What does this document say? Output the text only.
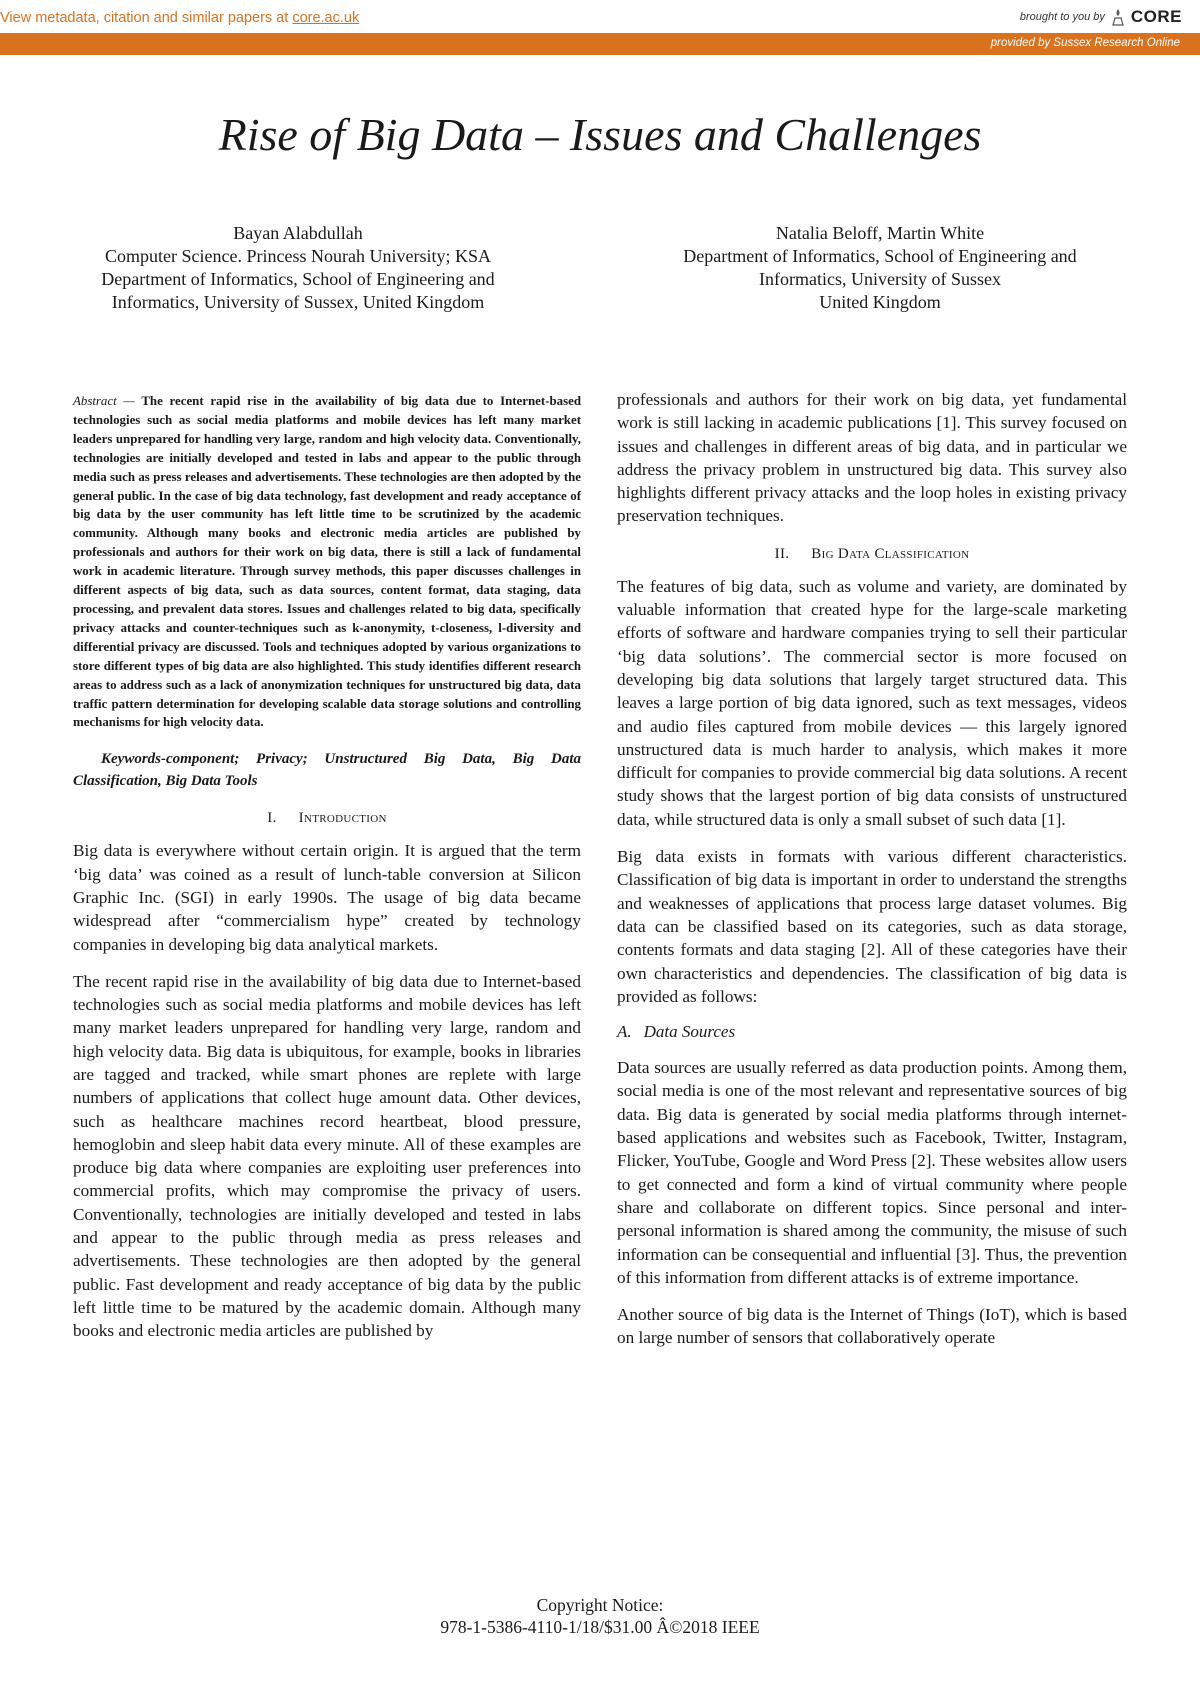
View metadata, citation and similar papers at core.ac.uk	brought to you by CORE
provided by Sussex Research Online
Rise of Big Data – Issues and Challenges
Bayan Alabdullah
Computer Science. Princess Nourah University; KSA
Department of Informatics, School of Engineering and
Informatics, University of Sussex, United Kingdom
Natalia Beloff, Martin White
Department of Informatics, School of Engineering and
Informatics, University of Sussex
United Kingdom

Abstract — The recent rapid rise in the availability of big data due to Internet-based technologies such as social media platforms and mobile devices has left many market leaders unprepared for handling very large, random and high velocity data. Conventionally, technologies are initially developed and tested in labs and appear to the public through media such as press releases and advertisements. These technologies are then adopted by the general public. In the case of big data technology, fast development and ready acceptance of big data by the user community has left little time to be scrutinized by the academic community. Although many books and electronic media articles are published by professionals and authors for their work on big data, there is still a lack of fundamental work in academic literature. Through survey methods, this paper discusses challenges in different aspects of big data, such as data sources, content format, data staging, data processing, and prevalent data stores. Issues and challenges related to big data, specifically privacy attacks and counter-techniques such as k-anonymity, t-closeness, l-diversity and differential privacy are discussed. Tools and techniques adopted by various organizations to store different types of big data are also highlighted. This study identifies different research areas to address such as a lack of anonymization techniques for unstructured big data, data traffic pattern determination for developing scalable data storage solutions and controlling mechanisms for high velocity data.

Keywords-component; Privacy; Unstructured Big Data, Big Data Classification, Big Data Tools

I. Introduction

Big data is everywhere without certain origin. It is argued that the term ‘big data’ was coined as a result of lunch-table conversion at Silicon Graphic Inc. (SGI) in early 1990s. The usage of big data became widespread after “commercialism hype” created by technology companies in developing big data analytical markets.

The recent rapid rise in the availability of big data due to Internet-based technologies such as social media platforms and mobile devices has left many market leaders unprepared for handling very large, random and high velocity data. Big data is ubiquitous, for example, books in libraries are tagged and tracked, while smart phones are replete with large numbers of applications that collect huge amount data. Other devices, such as healthcare machines record heartbeat, blood pressure, hemoglobin and sleep habit data every minute. All of these examples are produce big data where companies are exploiting user preferences into commercial profits, which may compromise the privacy of users. Conventionally, technologies are initially developed and tested in labs and appear to the public through media as press releases and advertisements. These technologies are then adopted by the general public. Fast development and ready acceptance of big data by the public left little time to be matured by the academic domain. Although many books and electronic media articles are published by

professionals and authors for their work on big data, yet fundamental work is still lacking in academic publications [1]. This survey focused on issues and challenges in different areas of big data, and in particular we address the privacy problem in unstructured big data. This survey also highlights different privacy attacks and the loop holes in existing privacy preservation techniques.

II. Big Data Classification

The features of big data, such as volume and variety, are dominated by valuable information that created hype for the large-scale marketing efforts of software and hardware companies trying to sell their particular ‘big data solutions’. The commercial sector is more focused on developing big data solutions that largely target structured data. This leaves a large portion of big data ignored, such as text messages, videos and audio files captured from mobile devices — this largely ignored unstructured data is much harder to analysis, which makes it more difficult for companies to provide commercial big data solutions. A recent study shows that the largest portion of big data consists of unstructured data, while structured data is only a small subset of such data [1].

Big data exists in formats with various different characteristics. Classification of big data is important in order to understand the strengths and weaknesses of applications that process large dataset volumes. Big data can be classified based on its categories, such as data storage, contents formats and data staging [2]. All of these categories have their own characteristics and dependencies. The classification of big data is provided as follows:

A. Data Sources

Data sources are usually referred as data production points. Among them, social media is one of the most relevant and representative sources of big data. Big data is generated by social media platforms through internet-based applications and websites such as Facebook, Twitter, Instagram, Flicker, YouTube, Google and Word Press [2]. These websites allow users to get connected and form a kind of virtual community where people share and collaborate on different topics. Since personal and inter-personal information is shared among the community, the misuse of such information can be consequential and influential [3]. Thus, the prevention of this information from different attacks is of extreme importance.

Another source of big data is the Internet of Things (IoT), which is based on large number of sensors that collaboratively operate

Copyright Notice:
978-1-5386-4110-1/18/$31.00 Â©2018 IEEE
